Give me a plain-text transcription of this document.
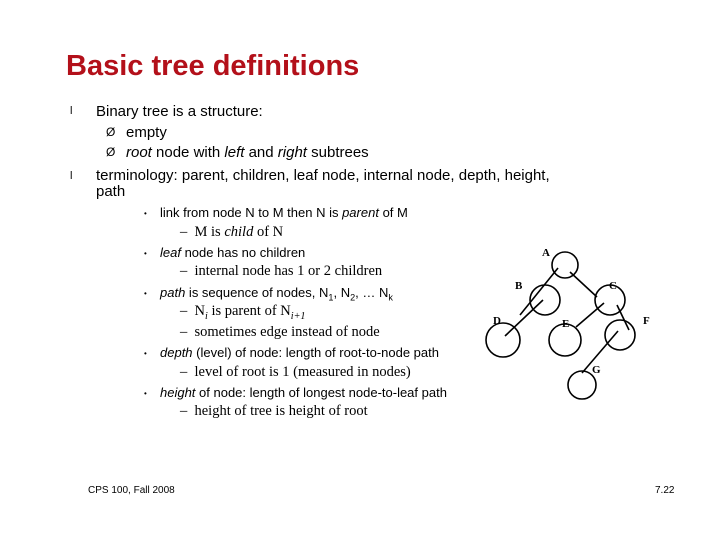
Basic tree definitions
l Binary tree is a structure:
Ø empty
Ø root node with left and right subtrees
l terminology: parent, children, leaf node, internal node, depth, height,
path
• link from node N to M then N is parent of M
– M is child of N
• leaf node has no children
– internal node has 1 or 2 children
• path is sequence of nodes, $N_1$, $N_2$, … $N_k$
– $N_i$ is parent of $N_{i+1}$
– sometimes edge instead of node
• depth (level) of node: length of root-to-node path
– level of root is 1 (measured in nodes)
• height of node: length of longest node-to-leaf path
– height of tree is height of root
A
B	C
D	E	F
G
CPS 100, Fall 2008	7.22
